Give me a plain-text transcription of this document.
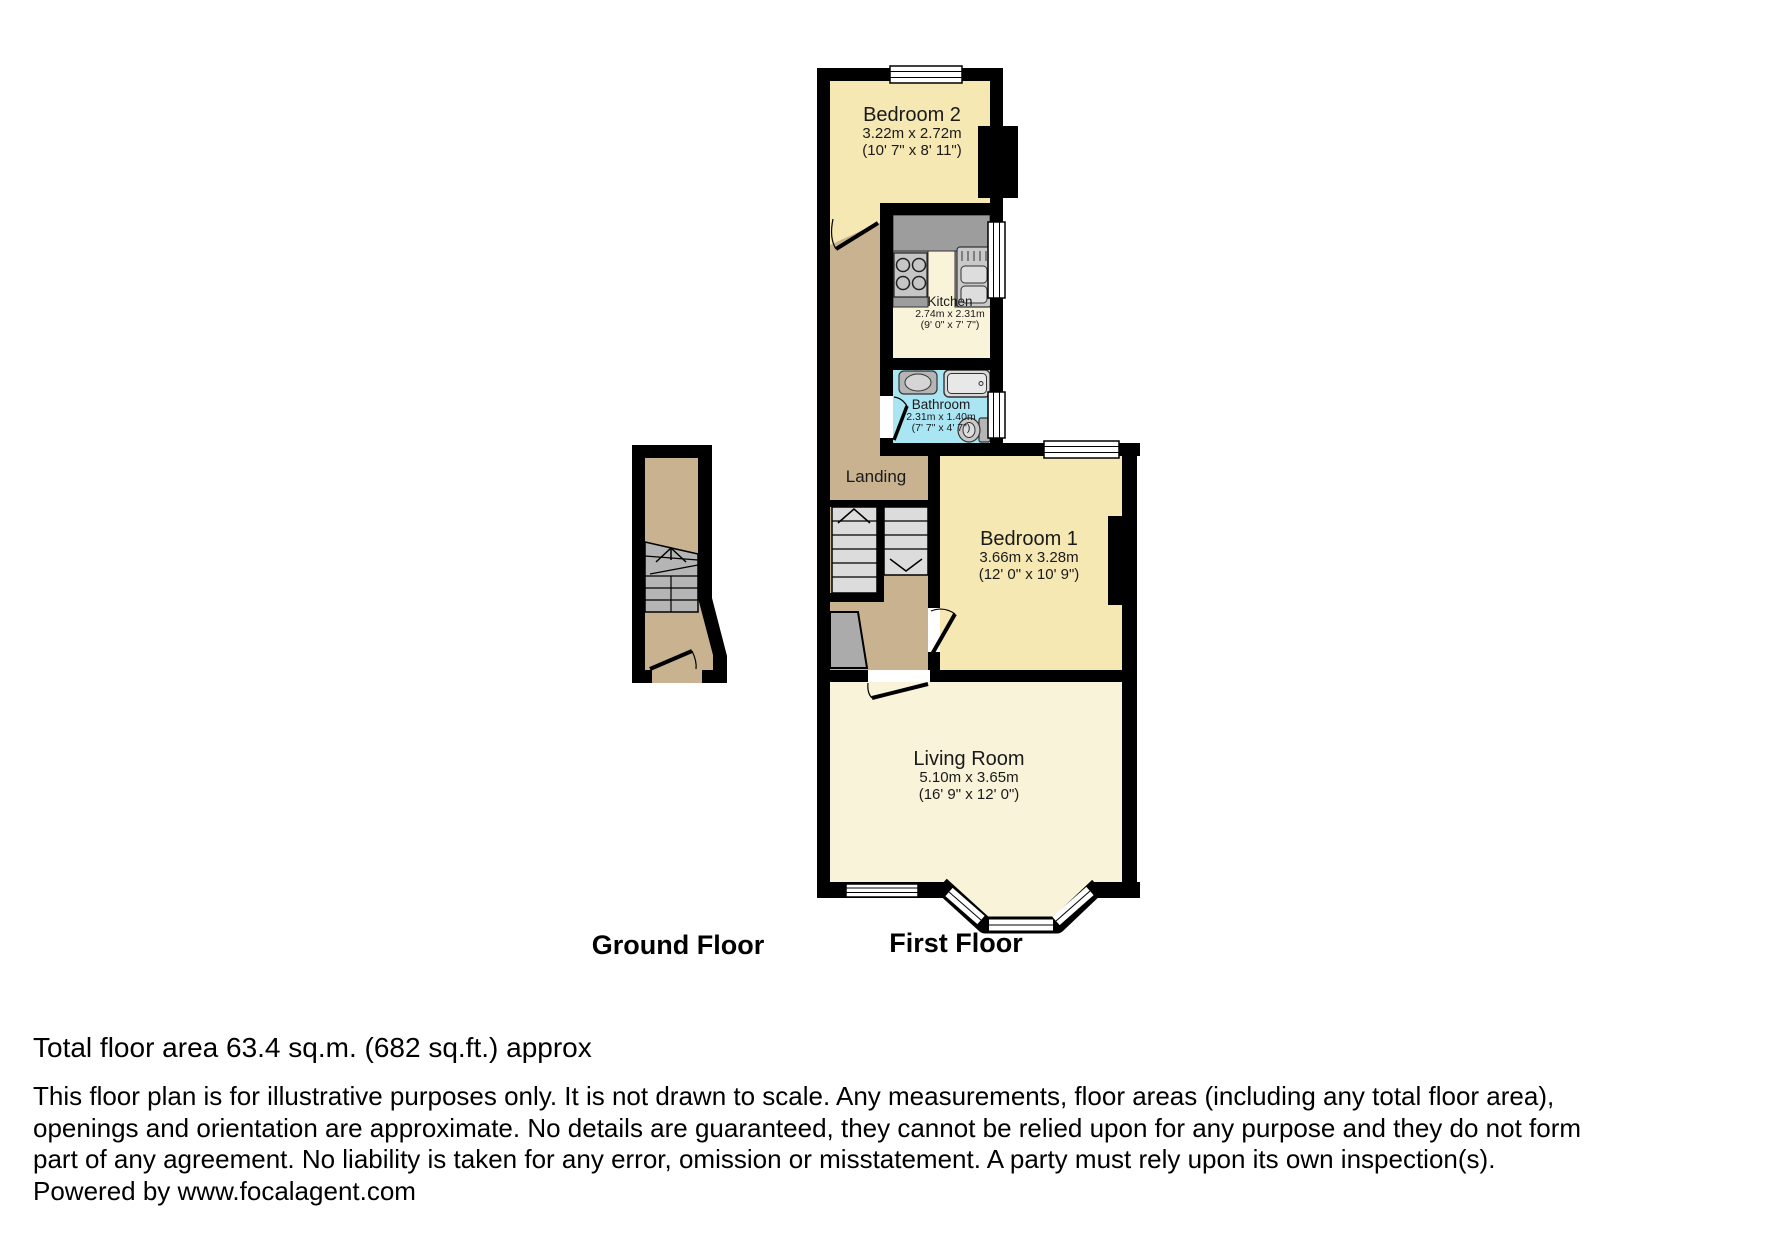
Bedroom 2
3.22m x 2.72m
(10' 7" x 8' 11")
Kitchen
2.74m x 2.31m
(9' 0" x 7' 7")
Bathroom
2.31m x 1.40m
(7' 7" x 4' 7")
Landing
Bedroom 1
3.66m x 3.28m
(12' 0" x 10' 9")
Living Room
5.10m x 3.65m
(16' 9" x 12' 0")
Ground Floor	First Floor
Total floor area 63.4 sq.m. (682 sq.ft.) approx
This floor plan is for illustrative purposes only. It is not drawn to scale. Any measurements, floor areas (including any total floor area),
openings and orientation are approximate. No details are guaranteed, they cannot be relied upon for any purpose and they do not form
part of any agreement. No liability is taken for any error, omission or misstatement. A party must rely upon its own inspection(s).
Powered by www.focalagent.com
